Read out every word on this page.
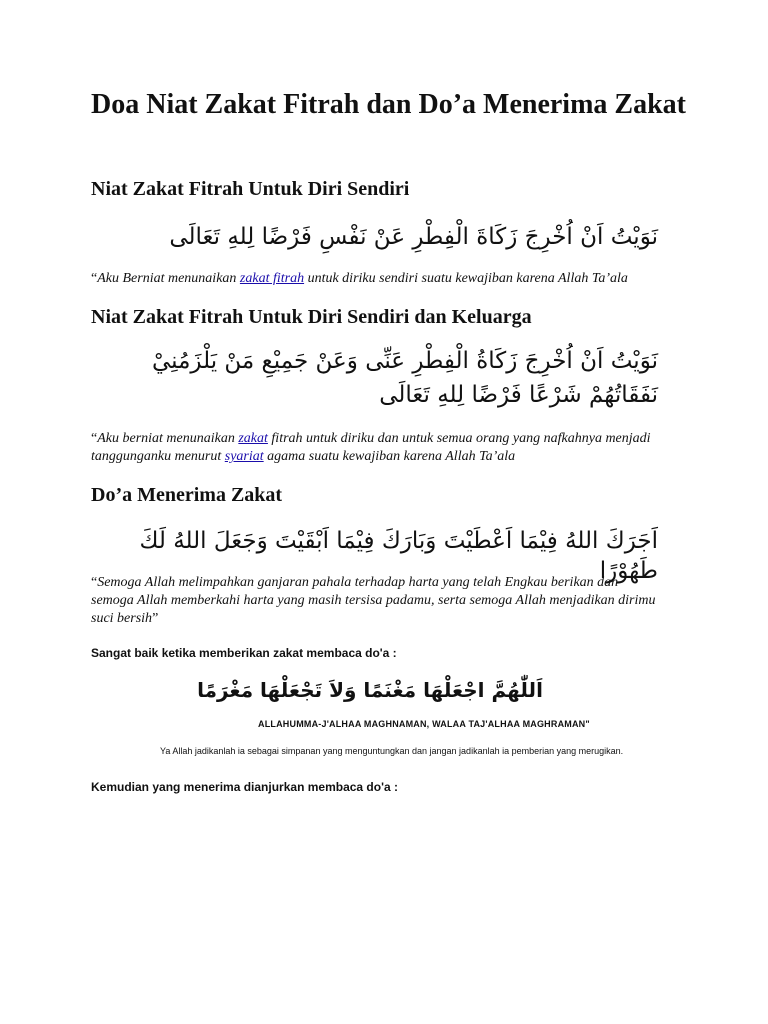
Doa Niat Zakat Fitrah dan Do’a Menerima Zakat
Niat Zakat Fitrah Untuk Diri Sendiri
نَوَيْتُ اَنْ اُخْرِجَ زَكَاةَ الْفِطْرِ عَنْ نَفْسِ فَرْضًا لِلهِ تَعَالَى
“Aku Berniat menunaikan zakat fitrah untuk diriku sendiri suatu kewajiban karena Allah Ta’ala
Niat Zakat Fitrah Untuk Diri Sendiri dan Keluarga
نَوَيْتُ اَنْ اُخْرِجَ زَكَاةُ الْفِطْرِ عَنِّى وَعَنْ جَمِيْعِ مَنْ يَلْزَمُنِيْ نَفَقَاتُهُمْ شَرْعًا فَرْضًا لِلهِ تَعَالَى
“Aku berniat menunaikan zakat fitrah untuk diriku dan untuk semua orang yang nafkahnya menjadi tanggunganku menurut syariat agama suatu kewajiban karena Allah Ta’ala
Do’a Menerima Zakat
اَجَرَكَ اللهُ فِيْمَا اَعْطَيْتَ وَبَارَكَ فِيْمَا اَبْقَيْتَ وَجَعَلَ اللهُ لَكَ طَهُوْرًا
“Semoga Allah melimpahkan ganjaran pahala terhadap harta yang telah Engkau berikan dan semoga Allah memberkahi harta yang masih tersisa padamu, serta semoga Allah menjadikan dirimu suci bersih”
Sangat baik ketika memberikan zakat membaca do'a :
اَللّٰهُمَّ اجْعَلْهَا مَغْنَمًا وَلاَ تَجْعَلْهَا مَغْرَمًا
ALLAHUMMA-J'ALHAA MAGHNAMAN, WALAA TAJ'ALHAA MAGHRAMAN"
Ya Allah jadikanlah ia sebagai simpanan yang menguntungkan dan jangan jadikanlah ia pemberian yang merugikan.
Kemudian yang menerima dianjurkan membaca do'a :
